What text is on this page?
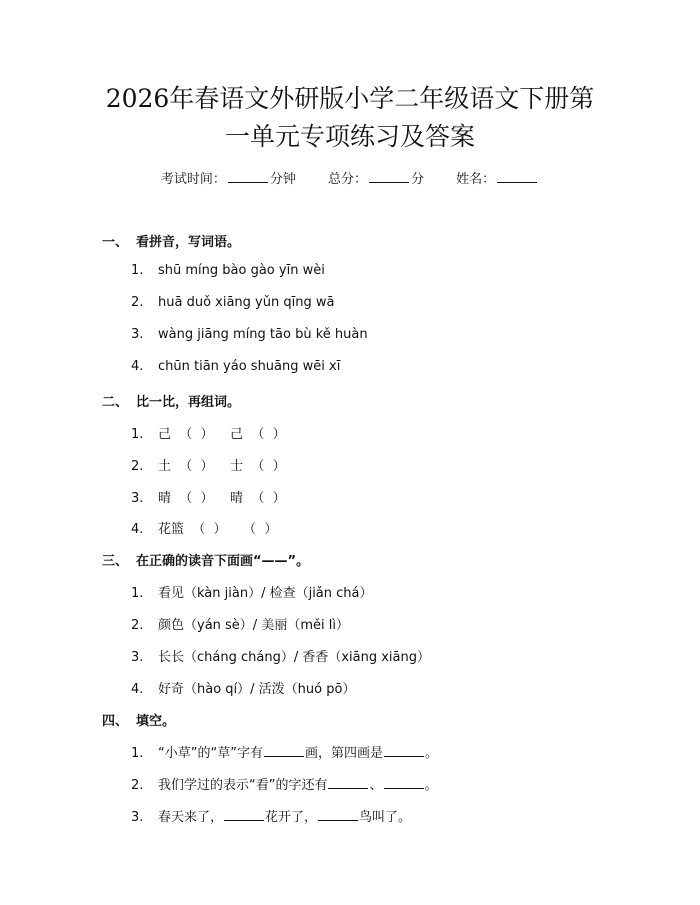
2026年春语文外研版小学二年级语文下册第
一单元专项练习及答案
考试时间：	分钟 总分：	分 姓名：
一、 看拼音，写词语。
1. shū míng bào gào yīn wèi
2. huā duǒ xiāng yǔn qīng wā
3. wàng jiāng míng tāo bù kě huàn
4. chūn tiān yáo shuāng wēi xī
二、 比一比，再组词。
1. 己  （  ）    己  （  ）
2. 土  （  ）    士  （  ）
3. 晴  （  ）    晴  （  ）
4. 花篮  （  ）    （  ）
三、 在正确的读音下面画“——”。
1. 看见（kàn jiàn）/ 检查（jiǎn chá）
2. 颜色（yán sè）/ 美丽（měi lì）
3. 长长（cháng cháng）/ 香香（xiāng xiāng）
4. 好奇（hào qí）/ 活泼（huó pō）
四、 填空。
1. “小草”的“草”字有	画，第四画是	。
2. 我们学过的表示“看”的字还有	、	。
3. 春天来了，	花开了，	鸟叫了。
